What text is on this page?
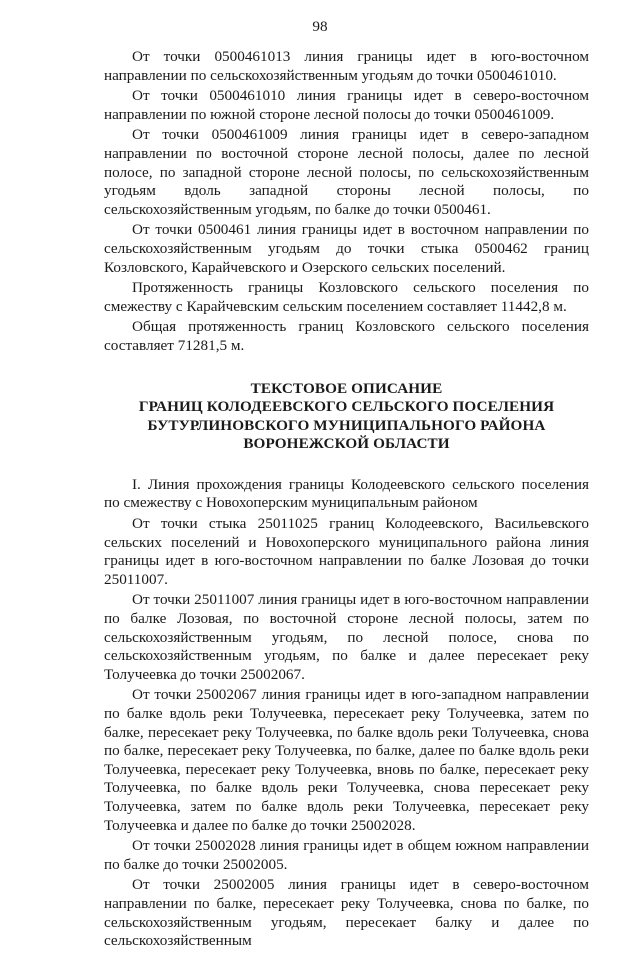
98

От точки 0500461013 линия границы идет в юго-восточном направлении по сельскохозяйственным угодьям до точки 0500461010.

От точки 0500461010 линия границы идет в северо-восточном направлении по южной стороне лесной полосы до точки 0500461009.

От точки 0500461009 линия границы идет в северо-западном направлении по восточной стороне лесной полосы, далее по лесной полосе, по западной стороне лесной полосы, по сельскохозяйственным угодьям вдоль западной стороны лесной полосы, по сельскохозяйственным угодьям, по балке до точки 0500461.

От точки 0500461 линия границы идет в восточном направлении по сельскохозяйственным угодьям до точки стыка 0500462 границ Козловского, Карайчевского и Озерского сельских поселений.

Протяженность границы Козловского сельского поселения по смежеству с Карайчевским сельским поселением составляет 11442,8 м.

Общая протяженность границ Козловского сельского поселения составляет 71281,5 м.

ТЕКСТОВОЕ ОПИСАНИЕ
ГРАНИЦ КОЛОДЕЕВСКОГО СЕЛЬСКОГО ПОСЕЛЕНИЯ
БУТУРЛИНОВСКОГО МУНИЦИПАЛЬНОГО РАЙОНА
ВОРОНЕЖСКОЙ ОБЛАСТИ

I. Линия прохождения границы Колодеевского сельского поселения по смежеству с Новохоперским муниципальным районом

От точки стыка 25011025 границ Колодеевского, Васильевского сельских поселений и Новохоперского муниципального района линия границы идет в юго-восточном направлении по балке Лозовая до точки 25011007.

От точки 25011007 линия границы идет в юго-восточном направлении по балке Лозовая, по восточной стороне лесной полосы, затем по сельскохозяйственным угодьям, по лесной полосе, снова по сельскохозяйственным угодьям, по балке и далее пересекает реку Толучеевка до точки 25002067.

От точки 25002067 линия границы идет в юго-западном направлении по балке вдоль реки Толучеевка, пересекает реку Толучеевка, затем по балке, пересекает реку Толучеевка, по балке вдоль реки Толучеевка, снова по балке, пересекает реку Толучеевка, по балке, далее по балке вдоль реки Толучеевка, пересекает реку Толучеевка, вновь по балке, пересекает реку Толучеевка, по балке вдоль реки Толучеевка, снова пересекает реку Толучеевка, затем по балке вдоль реки Толучеевка, пересекает реку Толучеевка и далее по балке до точки 25002028.

От точки 25002028 линия границы идет в общем южном направлении по балке до точки 25002005.

От точки 25002005 линия границы идет в северо-восточном направлении по балке, пересекает реку Толучеевка, снова по балке, по сельскохозяйственным угодьям, пересекает балку и далее по сельскохозяйственным
